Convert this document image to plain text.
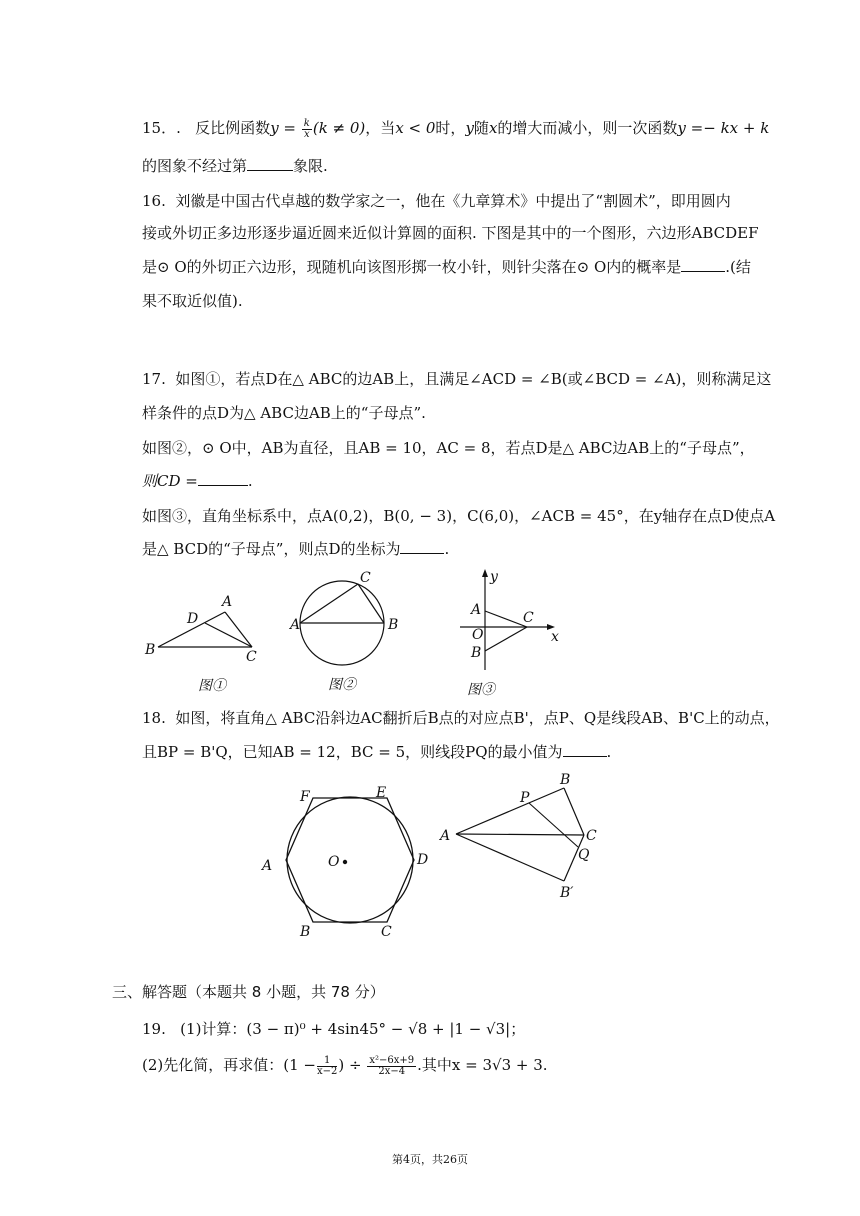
15．. 反比例函数$y = \frac{k}{x} (k \ne 0)$，当x < 0时，y随x的增大而减小，则一次函数y =− kx + k
的图象不经过第	象限.
16. 刘徽是中国古代卓越的数学家之一，他在《九章算术》中提出了“割圆术”，即用圆内
接或外切正多边形逐步逼近圆来近似计算圆的面积. 下图是其中的一个图形，六边形ABCDEF
是⊙ O的外切正六边形，现随机向该图形掷一枚小针，则针尖落在⊙ O内的概率是	.(结
果不取近似值).
17. 如图①，若点D在△ ABC的边AB上，且满足∠ACD = ∠B(或∠BCD = ∠A)，则称满足这
样条件的点D为△ ABC边AB上的“子母点”.
如图②，⊙ O中，AB为直径，且AB = 10，AC = 8，若点D是△ ABC边AB上的“子母点”，
则CD =	.
如图③，直角坐标系中，点A(0,2)，B(0, − 3)，C(6,0)，∠ACB = 45°，在y轴存在点D使点A
是△ BCD的“子母点”，则点D的坐标为	.
B
D
A
C
图①
A	B
C
图②
y
A	C
O	x
B
图③
18. 如图，将直角△ ABC沿斜边AC翻折后B点的对应点B'，点P、Q是线段AB、B'C上的动点，
且BP = B'Q，已知AB = 12，BC = 5，则线段PQ的最小值为	.
O
F	E
A	D
B	C
B
P
A	C
Q
B′
三、解答题（本题共 8 小题，共 78 分）
19. (1)计算：(3 − π)⁰ + 4sin45° − √8 + |1 − √3|；
(2)先化简，再求值：($1 - \frac{1}{x-2}$ ) ÷ $\frac{\text{x²−6x+9}}{2x-4}$ .其中x = 3√3 + 3.
第4页，共26页
